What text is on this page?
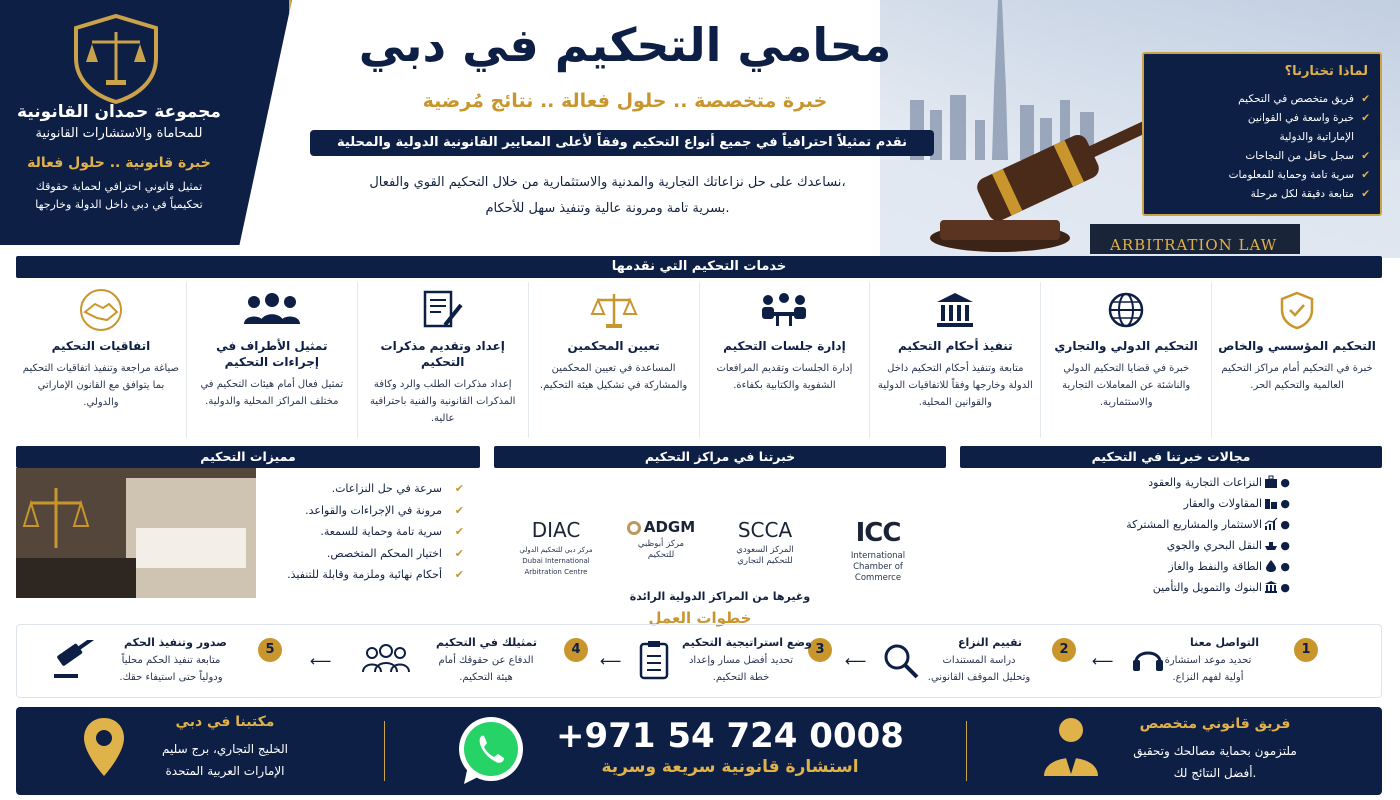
ARBITRATION LAW
مجموعة حمدان القانونية
للمحاماة والاستشارات القانونية
خبرة قانونية .. حلول فعالة
تمثيل قانوني احترافي لحماية حقوقك
تحكيمياً في دبي داخل الدولة وخارجها
محامي التحكيم في دبي
خبرة متخصصة .. حلول فعالة .. نتائج مُرضية
نقدم تمثيلاً احترافياً في جميع أنواع التحكيم وفقاً لأعلى المعايير القانونية الدولية والمحلية
نساعدك على حل نزاعاتك التجارية والمدنية والاستثمارية من خلال التحكيم القوي والفعال،
بسرية تامة ومرونة عالية وتنفيذ سهل للأحكام.
لماذا تختارنا؟
✔
فريق متخصص في التحكيم
✔
خبرة واسعة في القوانين
الإماراتية والدولية
✔
سجل حافل من النجاحات
✔
سرية تامة وحماية للمعلومات
✔
متابعة دقيقة لكل مرحلة
خدمات التحكيم التي نقدمها
التحكيم المؤسسي والخاص
خبرة في التحكيم أمام مراكز التحكيم العالمية والتحكيم الحر.
التحكيم الدولي والتجاري
خبرة في قضايا التحكيم الدولي والناشئة عن المعاملات التجارية والاستثمارية.
تنفيذ أحكام التحكيم
متابعة وتنفيذ أحكام التحكيم داخل الدولة وخارجها وفقاً للاتفاقيات الدولية والقوانين المحلية.
إدارة جلسات التحكيم
إدارة الجلسات وتقديم المرافعات الشفوية والكتابية بكفاءة.
تعيين المحكمين
المساعدة في تعيين المحكمين والمشاركة في تشكيل هيئة التحكيم.
إعداد وتقديم مذكرات التحكيم
إعداد مذكرات الطلب والرد وكافة المذكرات القانونية والفنية باحترافية عالية.
تمثيل الأطراف في إجراءات التحكيم
تمثيل فعال أمام هيئات التحكيم في مختلف المراكز المحلية والدولية.
اتفاقيات التحكيم
صياغة مراجعة وتنفيذ اتفاقيات التحكيم بما يتوافق مع القانون الإماراتي والدولي.
مجالات خبرتنا في التحكيم
●
النزاعات التجارية والعقود
●
المقاولات والعقار
●
الاستثمار والمشاريع المشتركة
●
النقل البحري والجوي
●
الطاقة والنفط والغاز
●
البنوك والتمويل والتأمين
خبرتنا في مراكز التحكيم
ICC
International
Chamber of
Commerce
SCCA
المركز السعودي
للتحكيم التجاري
ADGM
مركز أبوظبي
للتحكيم
DIAC
مركز دبي للتحكيم الدولي
Dubai International
Arbitration Centre
وغيرها من المراكز الدولية الرائدة
مميزات التحكيم
✔
سرعة في حل النزاعات.
✔
مرونة في الإجراءات والقواعد.
✔
سرية تامة وحماية للسمعة.
✔
اختيار المحكم المتخصص.
✔
أحكام نهائية وملزمة وقابلة للتنفيذ.
خطوات العمل
1
التواصل معنا
تحديد موعد استشارة
أولية لفهم النزاع.
⟵
2
تقييم النزاع
دراسة المستندات
وتحليل الموقف القانوني.
⟵
3
وضع استراتيجية التحكيم
تحديد أفضل مسار وإعداد
خطة التحكيم.
⟵
4
تمثيلك في التحكيم
الدفاع عن حقوقك أمام
هيئة التحكيم.
⟵
5
صدور وتنفيذ الحكم
متابعة تنفيذ الحكم محلياً
ودولياً حتى استيفاء حقك.
فريق قانوني متخصص
ملتزمون بحماية مصالحك وتحقيق
أفضل النتائج لك.
+971 54 724 0008
استشارة قانونية سريعة وسرية
مكتبنا في دبي
الخليج التجاري، برج سليم
الإمارات العربية المتحدة
